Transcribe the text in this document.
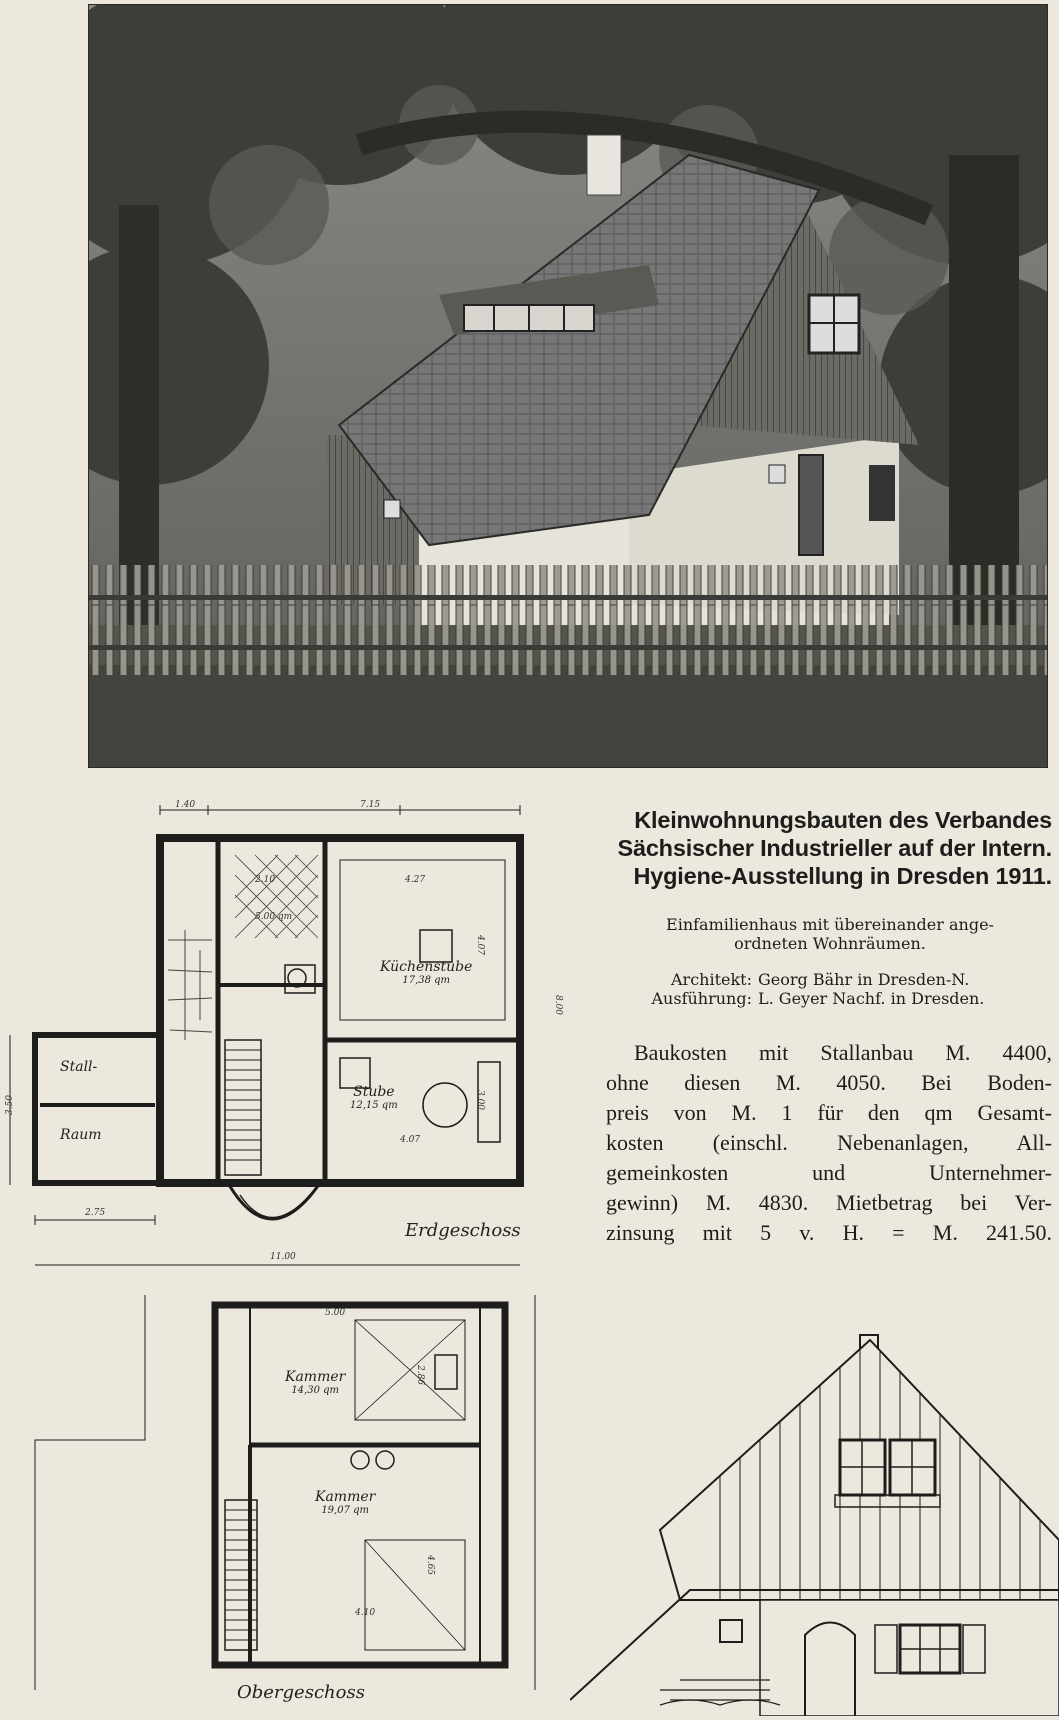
Küchenstube
17,38 qm
Stube
12,15 qm
Stall-
Raum
1.40	7.15
8.00
3.50
2.75
11.00
5.00 qm
4.27
2.10
3.00
4.07
4.07
Erdgeschoss
Kammer
14,30 qm
Kammer
19,07 qm
5.00
4.10
2.86
4.65
Obergeschoss
Kleinwohnungsbauten des Verbandes
Sächsischer Industrieller auf der Intern.
Hygiene-Ausstellung in Dresden 1911.
Einfamilienhaus mit übereinander ange-
ordneten Wohnräumen.
Architekt: Georg Bähr in Dresden-N.
Ausführung: L. Geyer Nachf. in Dresden.
Baukosten mit Stallanbau M. 4400,
ohne diesen M. 4050. Bei Boden-
preis von M. 1 für den qm Gesamt-
kosten (einschl. Nebenanlagen, All-
gemeinkosten und Unternehmer-
gewinn) M. 4830. Mietbetrag bei Ver-
zinsung mit 5 v. H. = M. 241.50.
